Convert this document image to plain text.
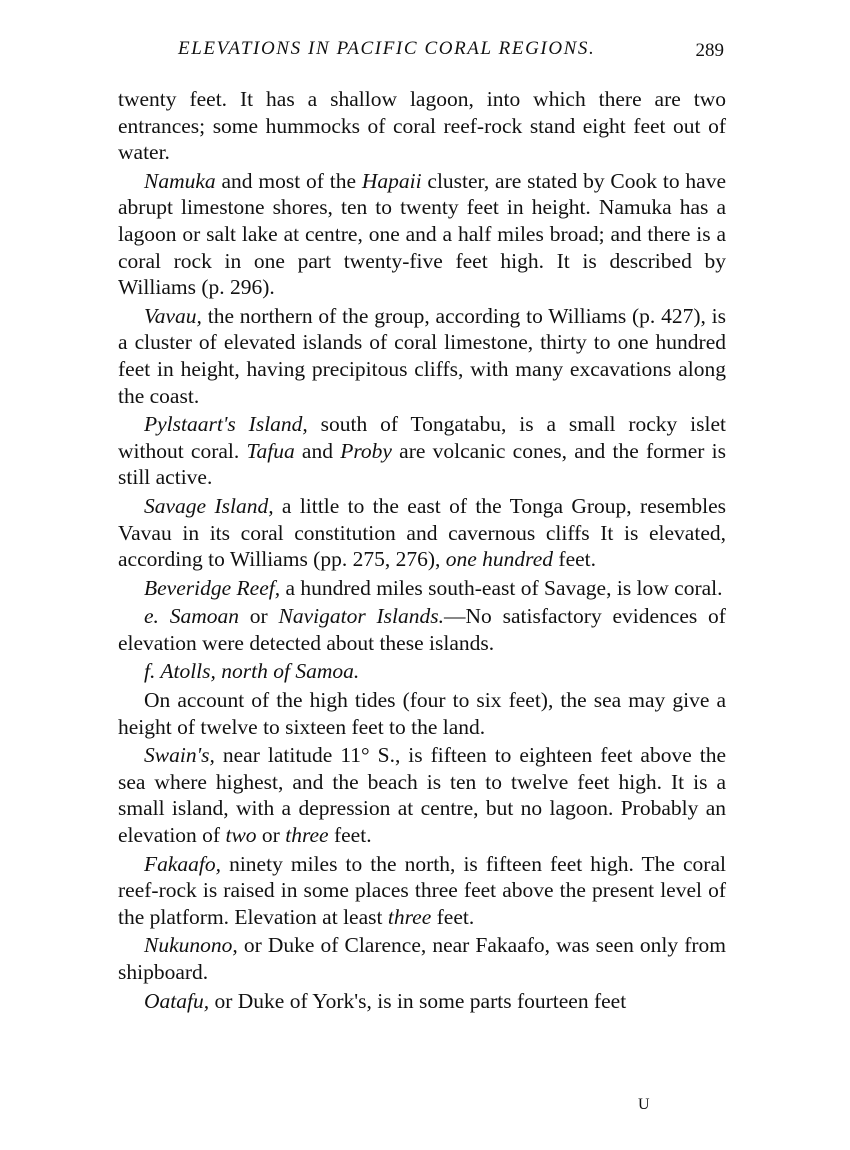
ELEVATIONS IN PACIFIC CORAL REGIONS.	289

twenty feet. It has a shallow lagoon, into which there are two entrances; some hummocks of coral reef-rock stand eight feet out of water.

Namuka and most of the Hapaii cluster, are stated by Cook to have abrupt limestone shores, ten to twenty feet in height. Namuka has a lagoon or salt lake at centre, one and a half miles broad; and there is a coral rock in one part twenty-five feet high. It is described by Williams (p. 296).

Vavau, the northern of the group, according to Williams (p. 427), is a cluster of elevated islands of coral limestone, thirty to one hundred feet in height, having precipitous cliffs, with many excavations along the coast.

Pylstaart's Island, south of Tongatabu, is a small rocky islet without coral. Tafua and Proby are volcanic cones, and the former is still active.

Savage Island, a little to the east of the Tonga Group, resembles Vavau in its coral constitution and cavernous cliffs It is elevated, according to Williams (pp. 275, 276), one hundred feet.

Beveridge Reef, a hundred miles south-east of Savage, is low coral.

e. Samoan or Navigator Islands.—No satisfactory evidences of elevation were detected about these islands.

f. Atolls, north of Samoa.

On account of the high tides (four to six feet), the sea may give a height of twelve to sixteen feet to the land.

Swain's, near latitude 11° S., is fifteen to eighteen feet above the sea where highest, and the beach is ten to twelve feet high. It is a small island, with a depression at centre, but no lagoon. Probably an elevation of two or three feet.

Fakaafo, ninety miles to the north, is fifteen feet high. The coral reef-rock is raised in some places three feet above the present level of the platform. Elevation at least three feet.

Nukunono, or Duke of Clarence, near Fakaafo, was seen only from shipboard.

Oatafu, or Duke of York's, is in some parts fourteen feet

U
